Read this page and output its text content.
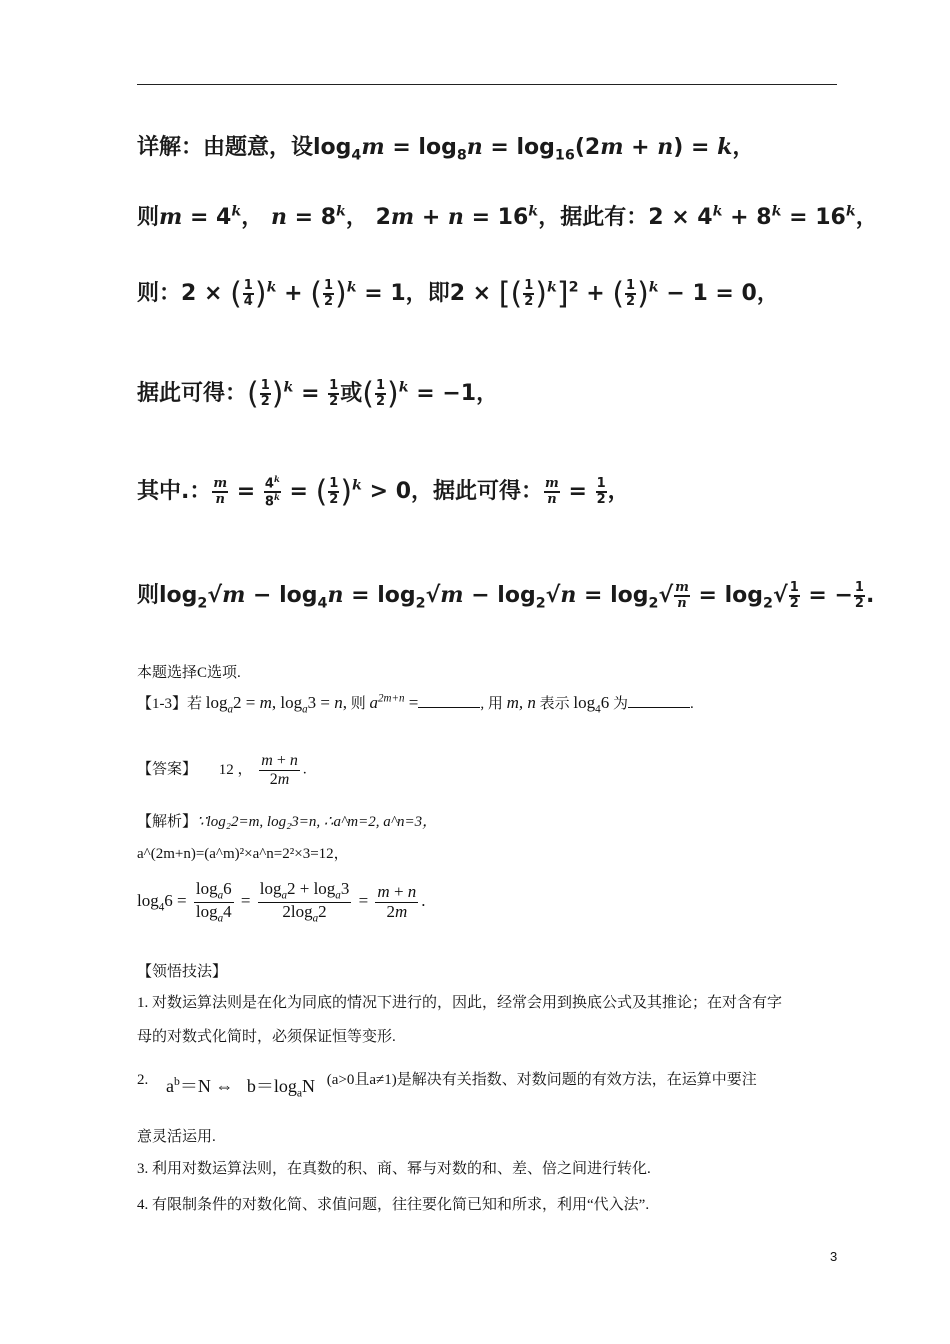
详解：由题意，设$\log_4m = \log_8n = \log_{16}(2m + n) = k$，
则$m = 4^k$， $n = 8^k$， $2m + n = 16^k$，据此有：$2 \times 4^k + 8^k = 16^k$，
则：2 × ( $\frac{1}{4} )^k$ + ( $\frac{1}{2} )^k = 1$，即2 × [( $\frac{1}{2} )^k]^2$ + ( $\frac{1}{2} )^k - 1 = 0$，
据此可得：( $\frac{1}{2} )^k = \frac{1}{2}$ 或( $\frac{1}{2} )^k = -1$，
其中.： $\frac{m}{n} = \frac{4^k}{8^k}$ = ( $\frac{1}{2} )^k > 0$，据此可得： $\frac{m}{n} = \frac{1}{2}$ ，
则$\log_2√m - \log_4n = \log_2√m - \log_2√n = \log_2√ \frac{m}{n} = \log_2√ \frac{1}{2}$ = − $\frac{1}{2}$ .
本题选择C选项.
【1-3】若 $\log_a2 = m$, $\log_a3 = n$, 则 $a^{2m+n}$ =	, 用 m, n 表示 $\log_46$ 为	.
【答案】 12 ， $\frac{m + n}{2m}$ .
【解析】∵log₂2=m, log₂3=n, ∴a^m=2, a^n=3，
a^(2m+n)=(a^m)²×a^n=2²×3=12，
$\log_46 = \frac{\log_a6}{\log_a4} = \frac{\log_a2 + \log_a3}{2\log_a2} = \frac{m + n}{2m}$ .
【领悟技法】
1. 对数运算法则是在化为同底的情况下进行的，因此，经常会用到换底公式及其推论；在对含有字
母的对数式化简时，必须保证恒等变形.
2. $a^b=N$ ⇔   $b=\log_aN$ (a>0且a≠1)是解决有关指数、对数问题的有效方法，在运算中要注
意灵活运用.
3. 利用对数运算法则，在真数的积、商、幂与对数的和、差、倍之间进行转化.
4. 有限制条件的对数化简、求值问题，往往要化简已知和所求，利用“代入法”.
3
